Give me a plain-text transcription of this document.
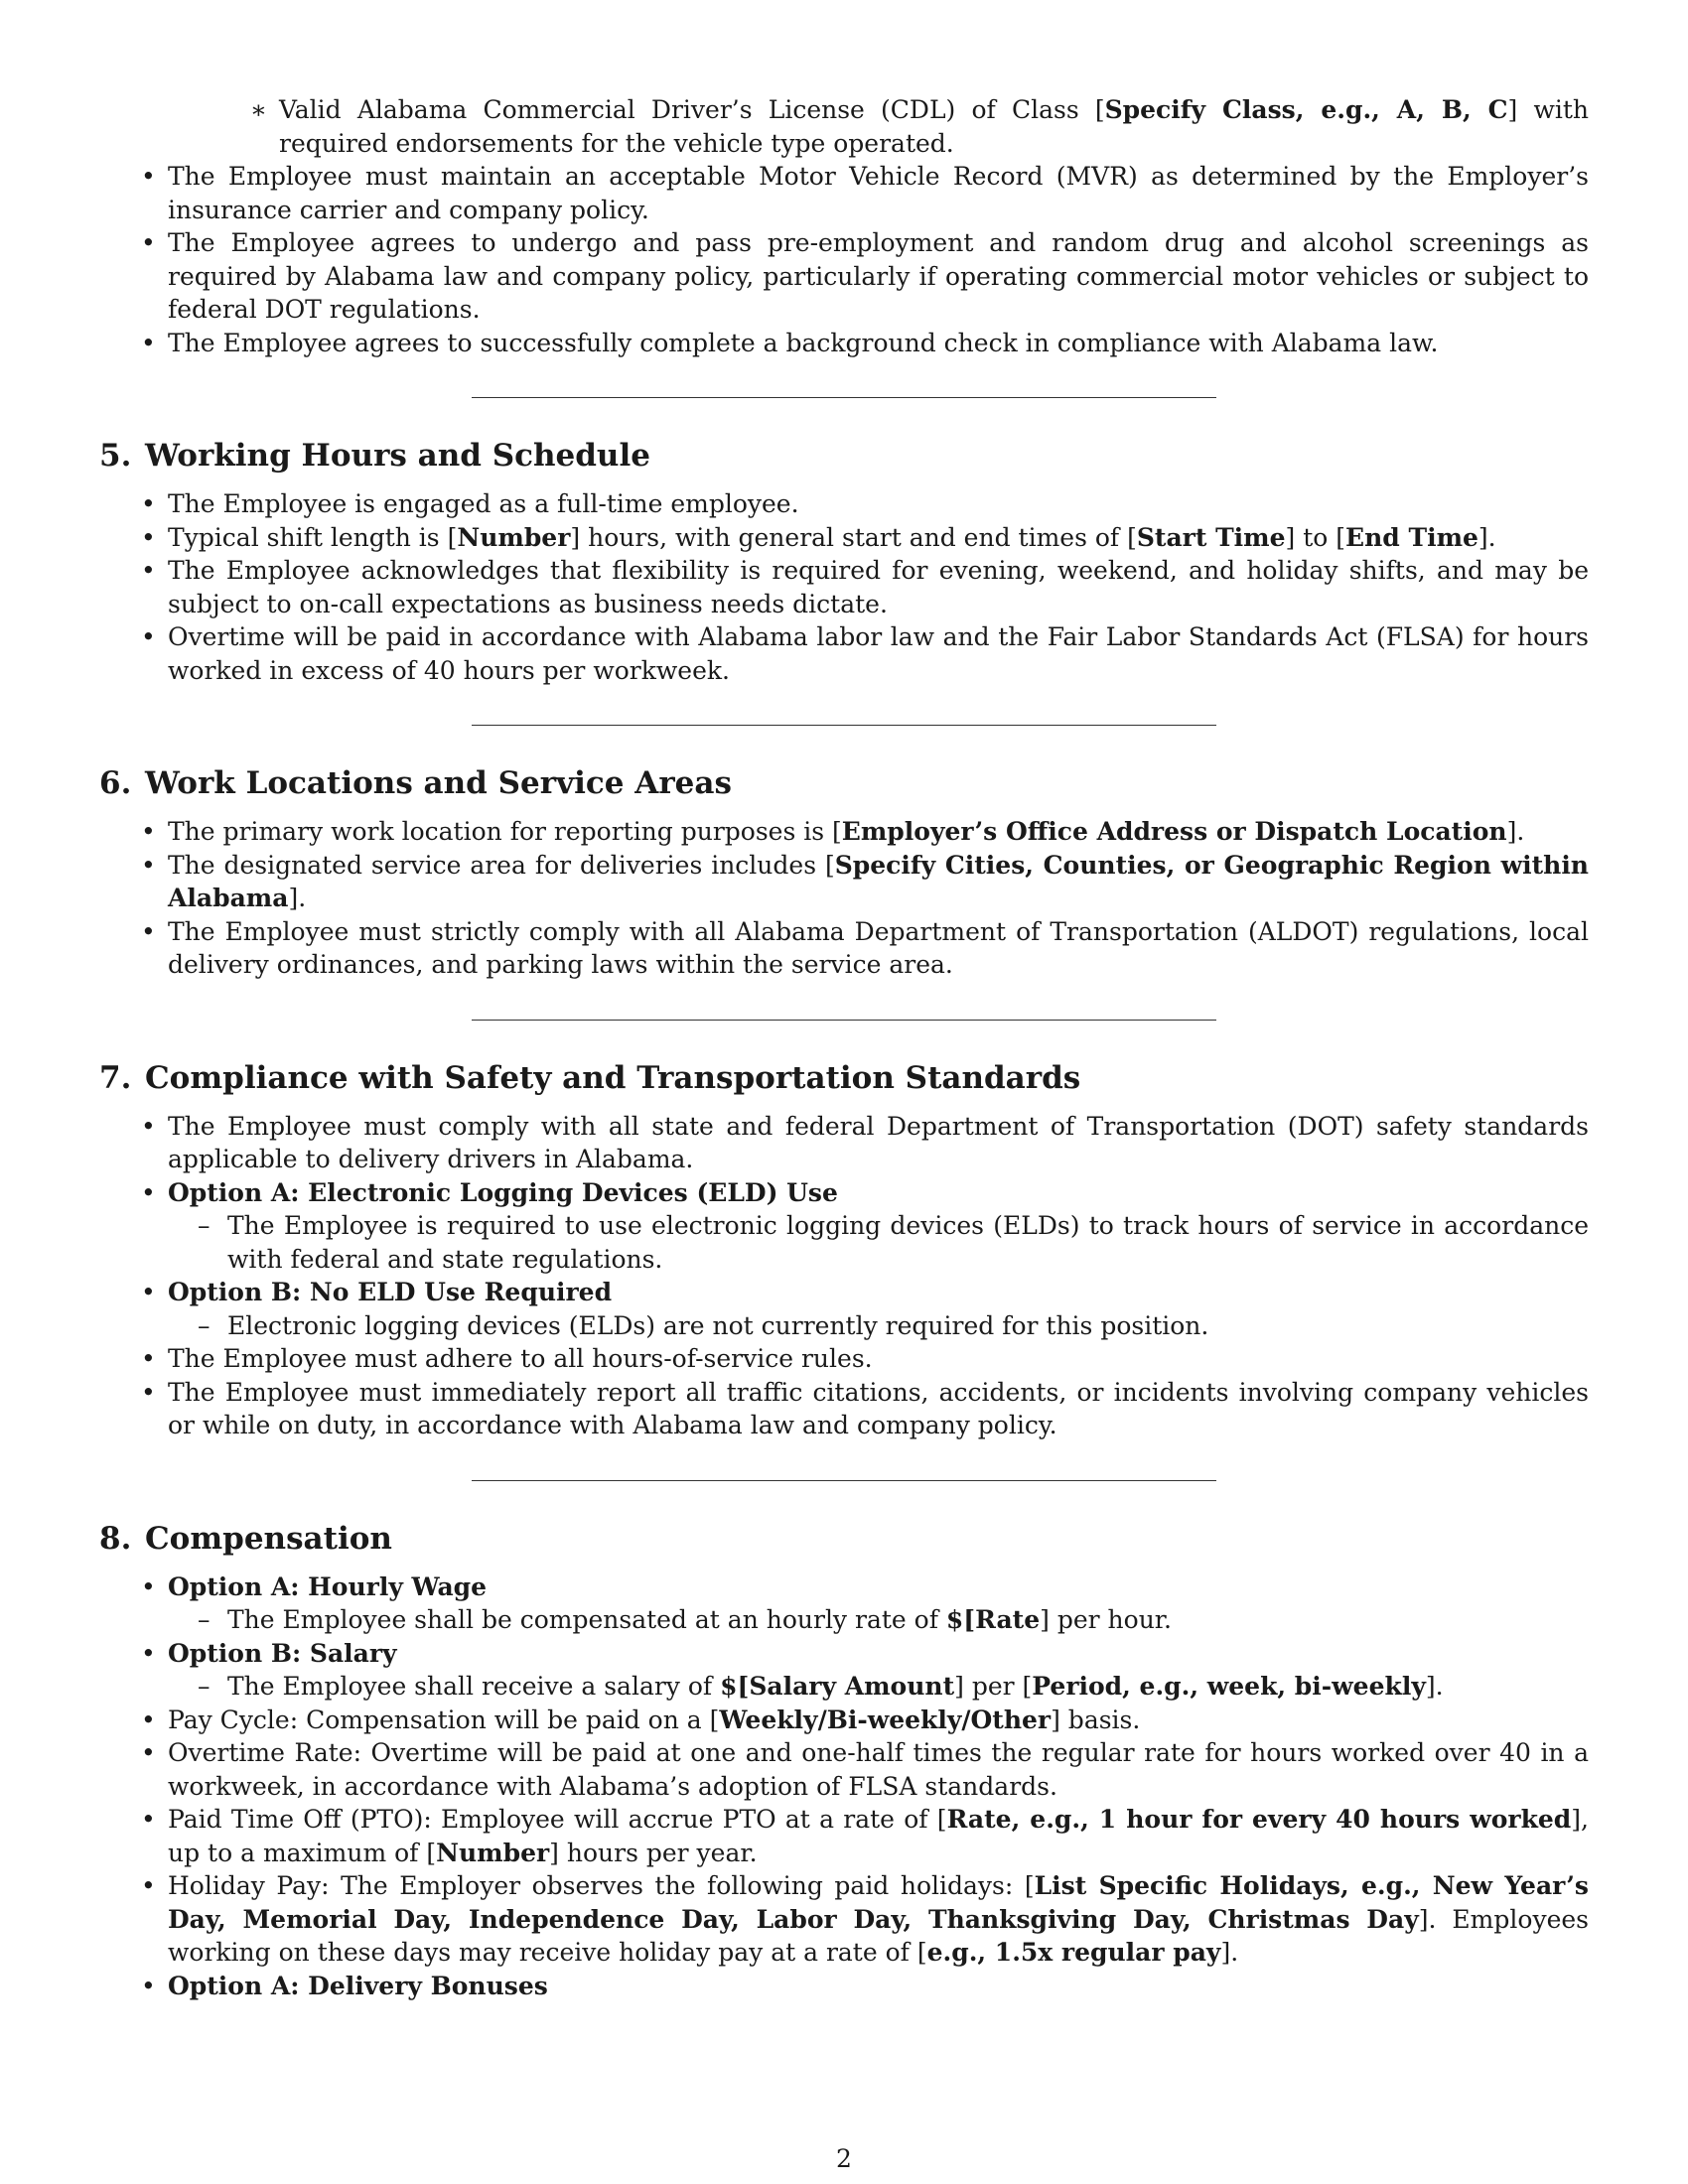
∗ Valid Alabama Commercial Driver’s License (CDL) of Class [Specify Class, e.g., A, B, C] with required endorsements for the vehicle type operated.
• The Employee must maintain an acceptable Motor Vehicle Record (MVR) as determined by the Employer’s insurance carrier and company policy.
• The Employee agrees to undergo and pass pre-employment and random drug and alcohol screenings as required by Alabama law and company policy, particularly if operating commercial motor vehicles or subject to federal DOT regulations.
• The Employee agrees to successfully complete a background check in compliance with Alabama law.
5. Working Hours and Schedule
• The Employee is engaged as a full-time employee.
• Typical shift length is [Number] hours, with general start and end times of [Start Time] to [End Time].
• The Employee acknowledges that flexibility is required for evening, weekend, and holiday shifts, and may be subject to on-call expectations as business needs dictate.
• Overtime will be paid in accordance with Alabama labor law and the Fair Labor Standards Act (FLSA) for hours worked in excess of 40 hours per workweek.
6. Work Locations and Service Areas
• The primary work location for reporting purposes is [Employer’s Office Address or Dispatch Location].
• The designated service area for deliveries includes [Specify Cities, Counties, or Geographic Region within Alabama].
• The Employee must strictly comply with all Alabama Department of Transportation (ALDOT) regulations, local delivery ordinances, and parking laws within the service area.
7. Compliance with Safety and Transportation Standards
• The Employee must comply with all state and federal Department of Transportation (DOT) safety standards applicable to delivery drivers in Alabama.
• Option A: Electronic Logging Devices (ELD) Use
– The Employee is required to use electronic logging devices (ELDs) to track hours of service in accordance with federal and state regulations.
• Option B: No ELD Use Required
– Electronic logging devices (ELDs) are not currently required for this position.
• The Employee must adhere to all hours-of-service rules.
• The Employee must immediately report all traffic citations, accidents, or incidents involving company vehicles or while on duty, in accordance with Alabama law and company policy.
8. Compensation
• Option A: Hourly Wage
– The Employee shall be compensated at an hourly rate of $[Rate] per hour.
• Option B: Salary
– The Employee shall receive a salary of $[Salary Amount] per [Period, e.g., week, bi-weekly].
• Pay Cycle: Compensation will be paid on a [Weekly/Bi-weekly/Other] basis.
• Overtime Rate: Overtime will be paid at one and one-half times the regular rate for hours worked over 40 in a workweek, in accordance with Alabama’s adoption of FLSA standards.
• Paid Time Off (PTO): Employee will accrue PTO at a rate of [Rate, e.g., 1 hour for every 40 hours worked], up to a maximum of [Number] hours per year.
• Holiday Pay: The Employer observes the following paid holidays: [List Specific Holidays, e.g., New Year’s Day, Memorial Day, Independence Day, Labor Day, Thanksgiving Day, Christmas Day]. Employees working on these days may receive holiday pay at a rate of [e.g., 1.5x regular pay].
• Option A: Delivery Bonuses
2
